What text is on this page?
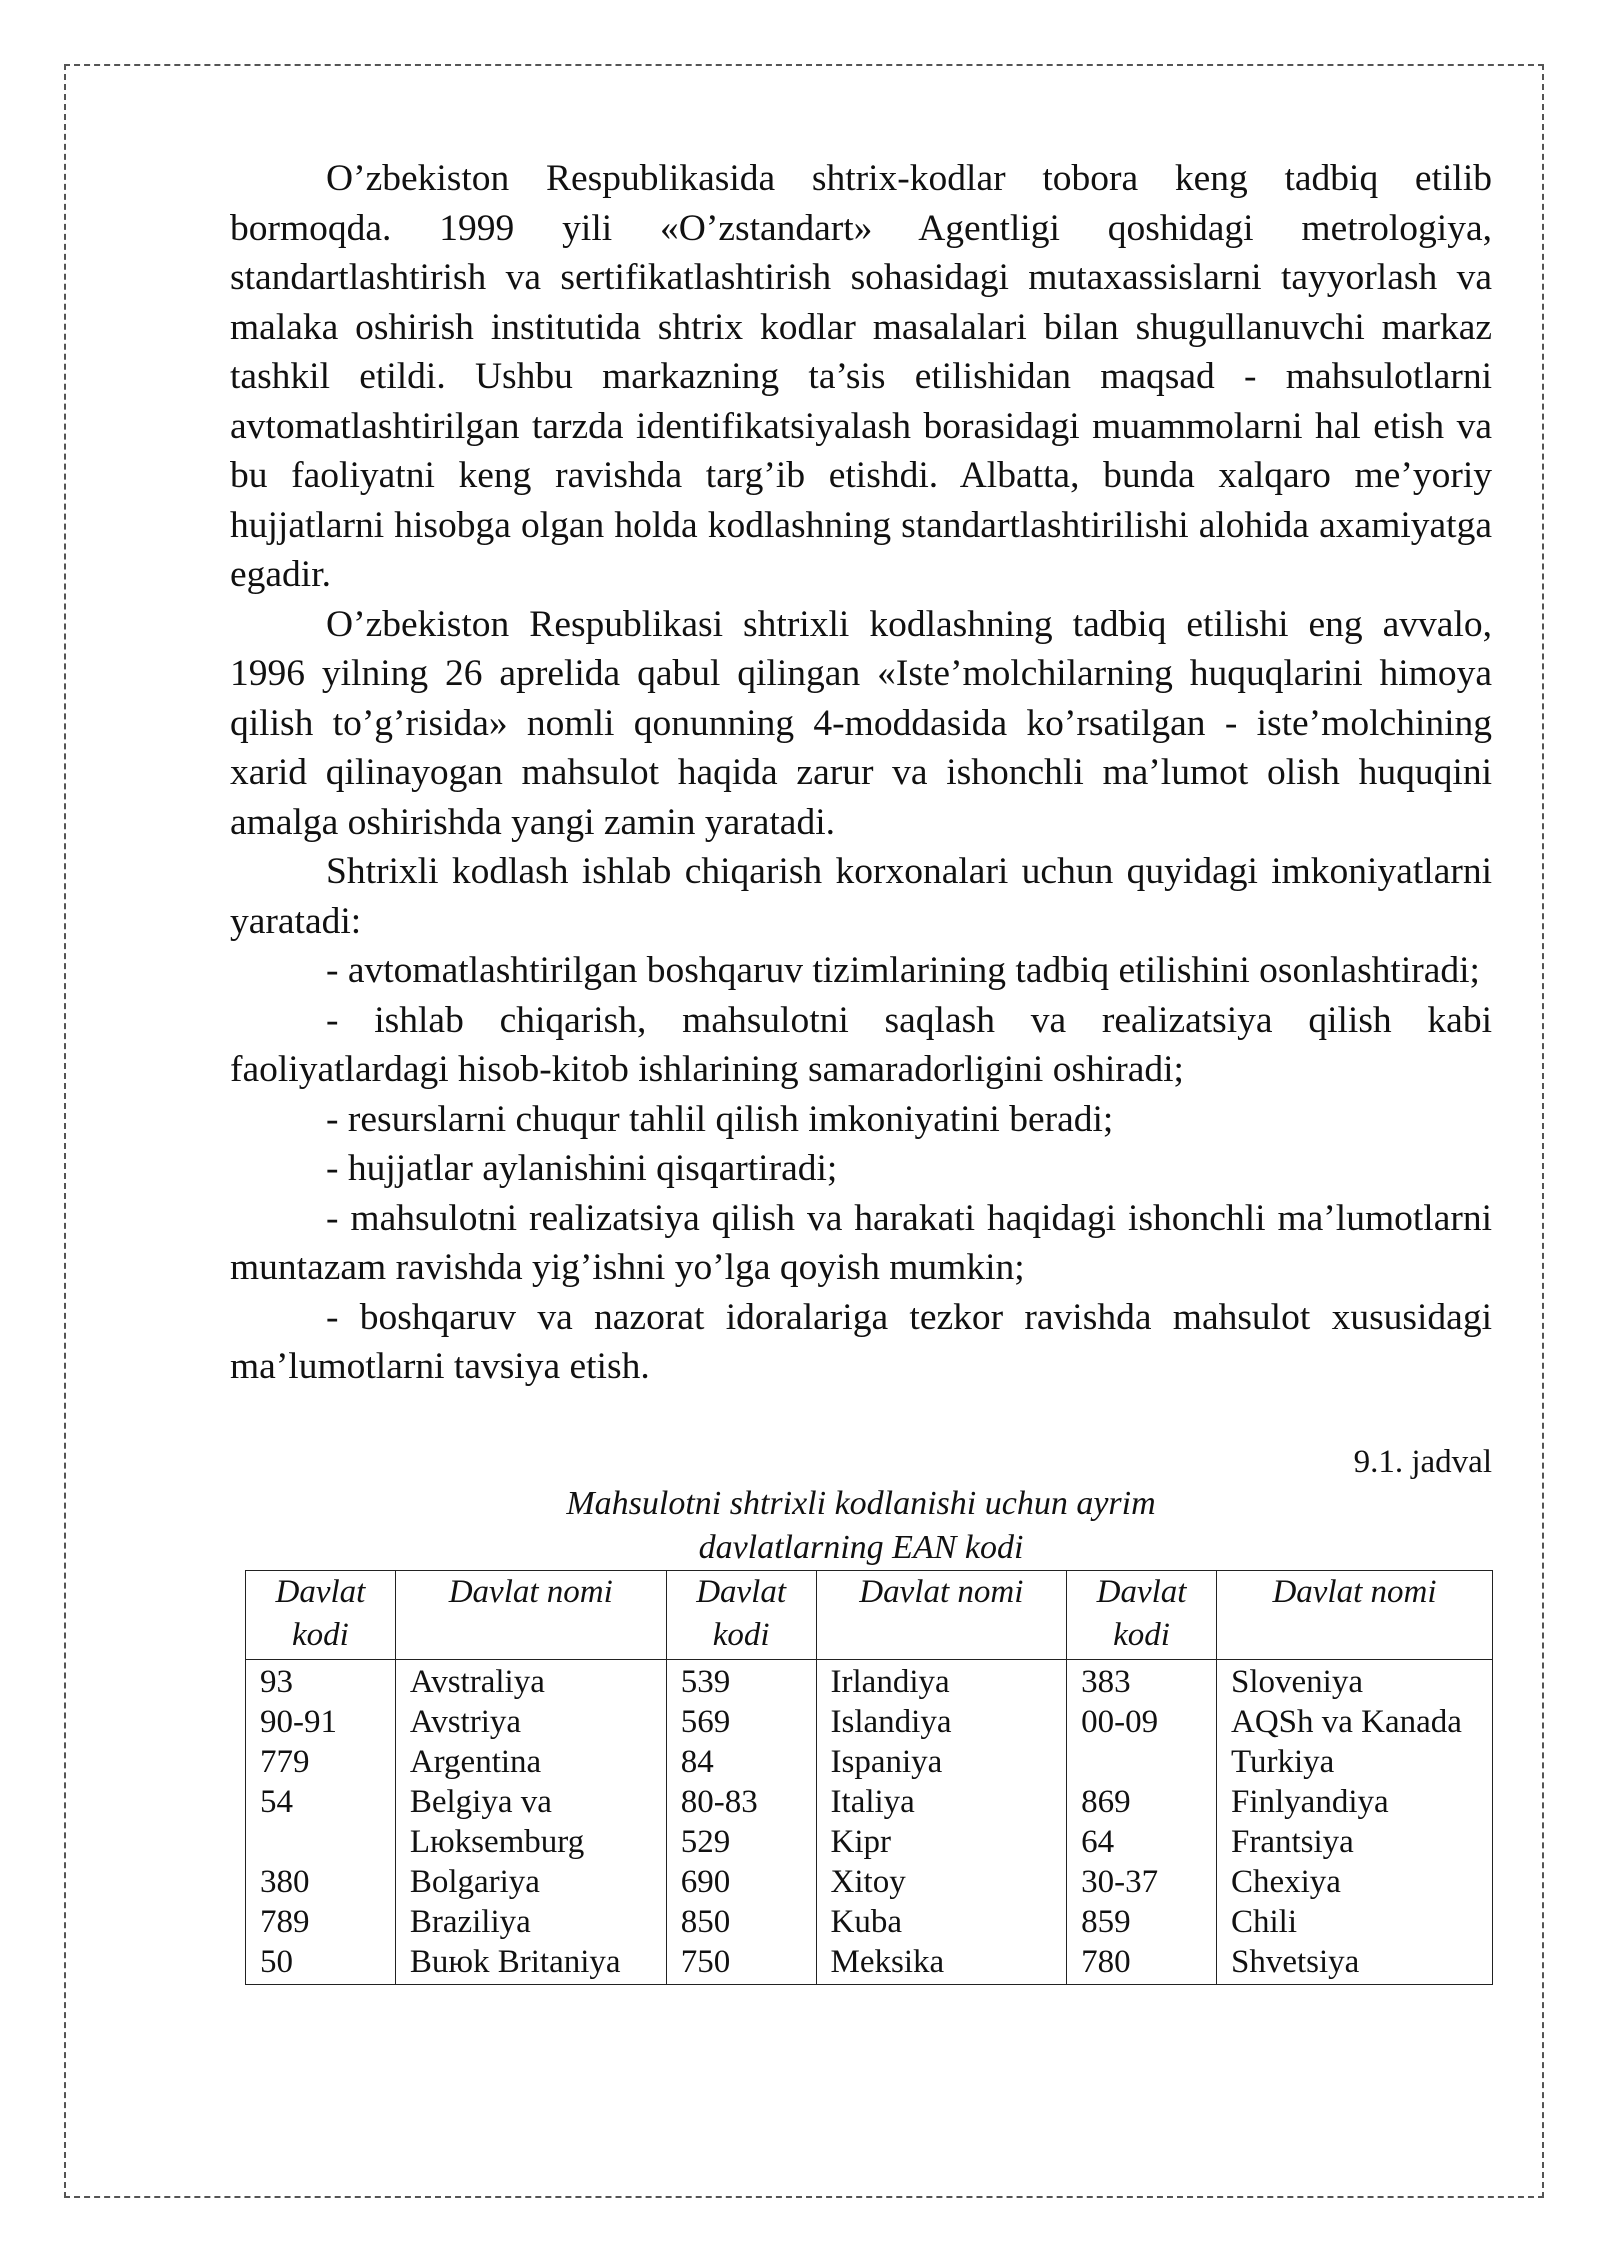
O’zbekiston Respublikasida shtrix-kodlar tobora keng tadbiq etilib bormoqda. 1999 yili «O’zstandart» Agentligi qoshidagi metrologiya, standartlashtirish va sertifikatlashtirish sohasidagi mutaxassislarni tayyorlash va malaka oshirish institutida shtrix kodlar masalalari bilan shugullanuvchi markaz tashkil etildi. Ushbu markazning ta’sis etilishidan maqsad - mahsulotlarni avtomatlashtirilgan tarzda identifikatsiyalash borasidagi muammolarni hal etish va bu faoliyatni keng ravishda targ’ib etishdi. Albatta, bunda xalqaro me’yoriy hujjatlarni hisobga olgan holda kodlashning standartlashtirilishi alohida axamiyatga egadir.

O’zbekiston Respublikasi shtrixli kodlashning tadbiq etilishi eng avvalo, 1996 yilning 26 aprelida qabul qilingan «Iste’molchilarning huquqlarini himoya qilish to’g’risida» nomli qonunning 4-moddasida ko’rsatilgan - iste’molchining xarid qilinayogan mahsulot haqida zarur va ishonchli ma’lumot olish huquqini amalga oshirishda yangi zamin yaratadi.

Shtrixli kodlash ishlab chiqarish korxonalari uchun quyidagi imkoniyatlarni yaratadi:

- avtomatlashtirilgan boshqaruv tizimlarining tadbiq etilishini osonlashtiradi;

- ishlab chiqarish, mahsulotni saqlash va realizatsiya qilish kabi faoliyatlardagi hisob-kitob ishlarining samaradorligini oshiradi;

- resurslarni chuqur tahlil qilish imkoniyatini beradi;

- hujjatlar aylanishini qisqartiradi;

- mahsulotni realizatsiya qilish va harakati haqidagi ishonchli ma’lumotlarni muntazam ravishda yig’ishni yo’lga qoyish mumkin;

- boshqaruv va nazorat idoralariga tezkor ravishda mahsulot xususidagi ma’lumotlarni tavsiya etish.

9.1. jadval
Mahsulotni shtrixli kodlanishi uchun ayrim
davlatlarning EAN kodi
Davlat kodi	Davlat nomi	Davlat kodi	Davlat nomi	Davlat kodi	Davlat nomi
93	Avstraliya	539	Irlandiya	383	Sloveniya
90-91	Avstriya	569	Islandiya	00-09	AQSh va Kanada
779	Argentina	84	Ispaniya		Turkiya
54	Belgiya va	80-83	Italiya	869	Finlyandiya
	Lюksemburg	529	Kipr	64	Frantsiya
380	Bolgariya	690	Xitoy	30-37	Chexiya
789	Braziliya	850	Kuba	859	Chili
50	Buюk Britaniya	750	Meksika	780	Shvetsiya
